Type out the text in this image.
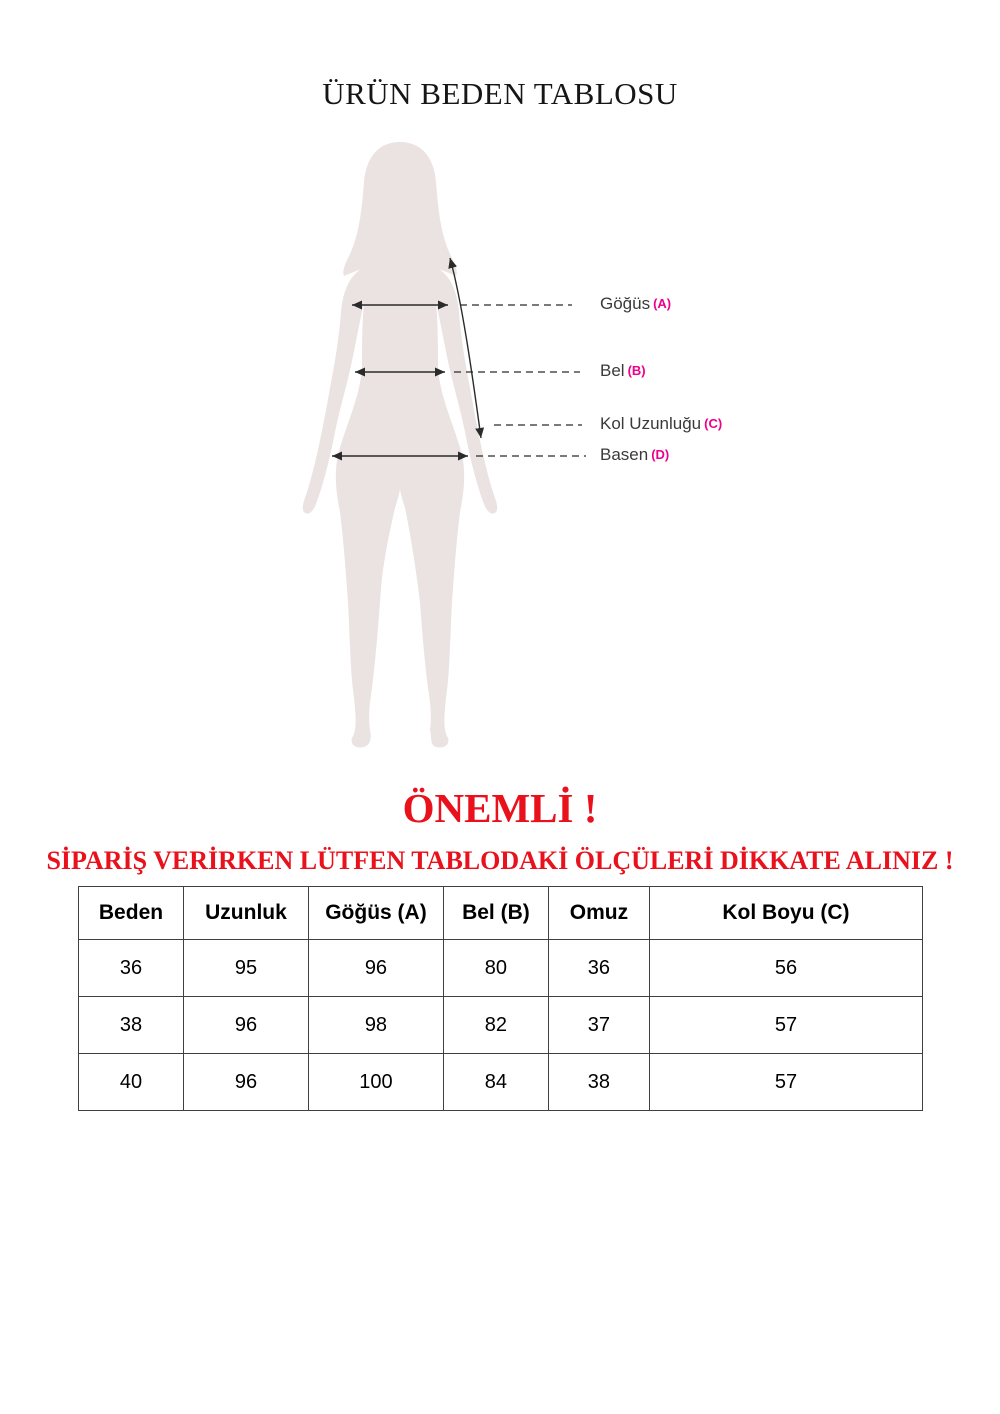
ÜRÜN BEDEN TABLOSU
Göğüs (A)
Bel (B)
Kol Uzunluğu (C)
Basen (D)
ÖNEMLİ !
SİPARİŞ VERİRKEN LÜTFEN TABLODAKİ ÖLÇÜLERİ DİKKATE ALINIZ !
Beden	Uzunluk	Göğüs (A)	Bel (B)	Omuz	Kol Boyu (C)
36	95	96	80	36	56
38	96	98	82	37	57
40	96	100	84	38	57
